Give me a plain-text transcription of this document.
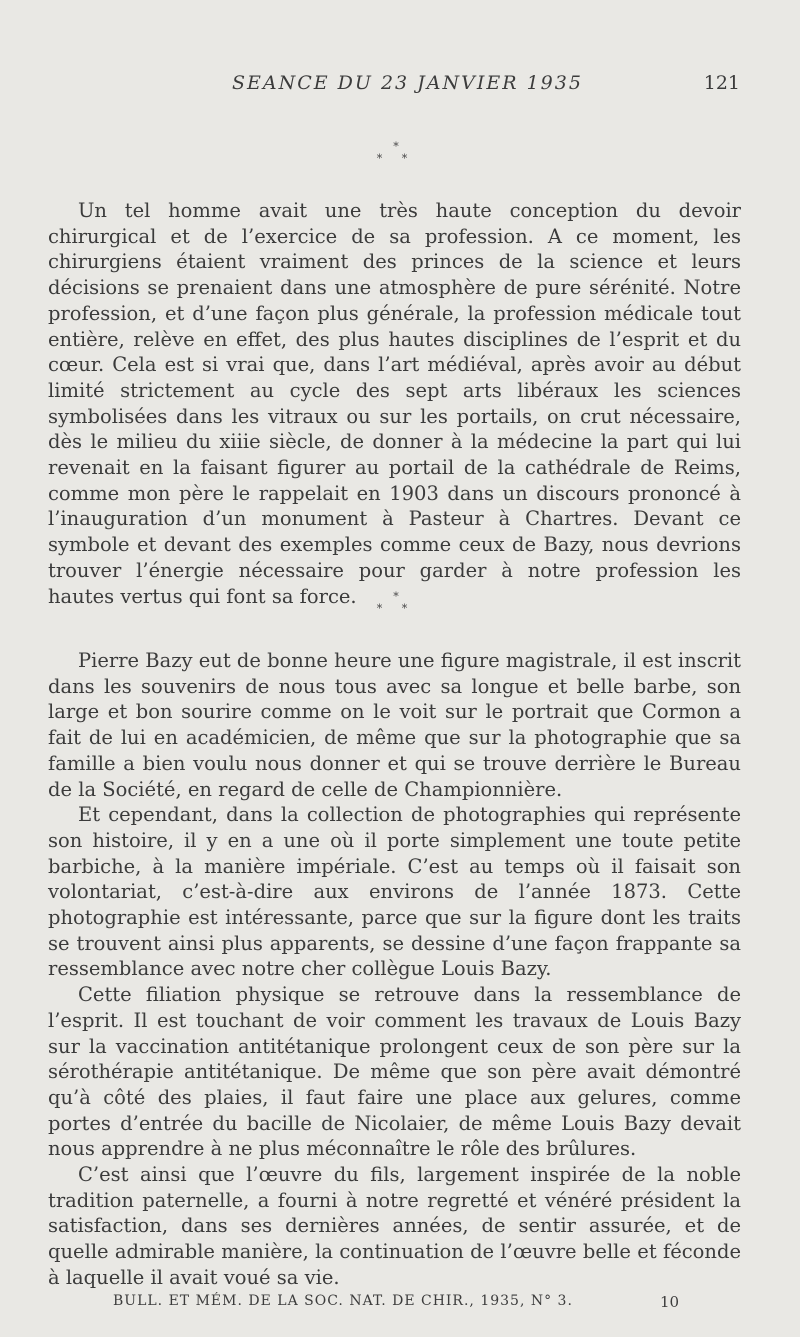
SEANCE DU 23 JANVIER 1935	121
*
* *

Un tel homme avait une très haute conception du devoir chirurgical et de l’exercice de sa profession. A ce moment, les chirurgiens étaient vraiment des princes de la science et leurs décisions se prenaient dans une atmosphère de pure sérénité. Notre profession, et d’une façon plus générale, la profession médicale tout entière, relève en effet, des plus hautes disciplines de l’esprit et du cœur. Cela est si vrai que, dans l’art médiéval, après avoir au début limité strictement au cycle des sept arts libéraux les sciences symbolisées dans les vitraux ou sur les portails, on crut nécessaire, dès le milieu du xiiie siècle, de donner à la médecine la part qui lui revenait en la faisant figurer au portail de la cathédrale de Reims, comme mon père le rappelait en 1903 dans un discours prononcé à l’inauguration d’un monument à Pasteur à Chartres. Devant ce symbole et devant des exemples comme ceux de Bazy, nous devrions trouver l’énergie nécessaire pour garder à notre profession les hautes vertus qui font sa force.	*
* *

Pierre Bazy eut de bonne heure une figure magistrale, il est inscrit dans les souvenirs de nous tous avec sa longue et belle barbe, son large et bon sourire comme on le voit sur le portrait que Cormon a fait de lui en académicien, de même que sur la photographie que sa famille a bien voulu nous donner et qui se trouve derrière le Bureau de la Société, en regard de celle de Championnière.

Et cependant, dans la collection de photographies qui représente son histoire, il y en a une où il porte simplement une toute petite barbiche, à la manière impériale. C’est au temps où il faisait son volontariat, c’est-à-dire aux environs de l’année 1873. Cette photographie est intéressante, parce que sur la figure dont les traits se trouvent ainsi plus apparents, se dessine d’une façon frappante sa ressemblance avec notre cher collègue Louis Bazy.

Cette filiation physique se retrouve dans la ressemblance de l’esprit. Il est touchant de voir comment les travaux de Louis Bazy sur la vaccination antitétanique prolongent ceux de son père sur la sérothérapie antitétanique. De même que son père avait démontré qu’à côté des plaies, il faut faire une place aux gelures, comme portes d’entrée du bacille de Nicolaier, de même Louis Bazy devait nous apprendre à ne plus méconnaître le rôle des brûlures.

C’est ainsi que l’œuvre du fils, largement inspirée de la noble tradition paternelle, a fourni à notre regretté et vénéré président la satisfaction, dans ses dernières années, de sentir assurée, et de quelle admirable manière, la continuation de l’œuvre belle et féconde à laquelle il avait voué sa vie.

BULL. ET MÉM. DE LA SOC. NAT. DE CHIR., 1935, N° 3.	10
